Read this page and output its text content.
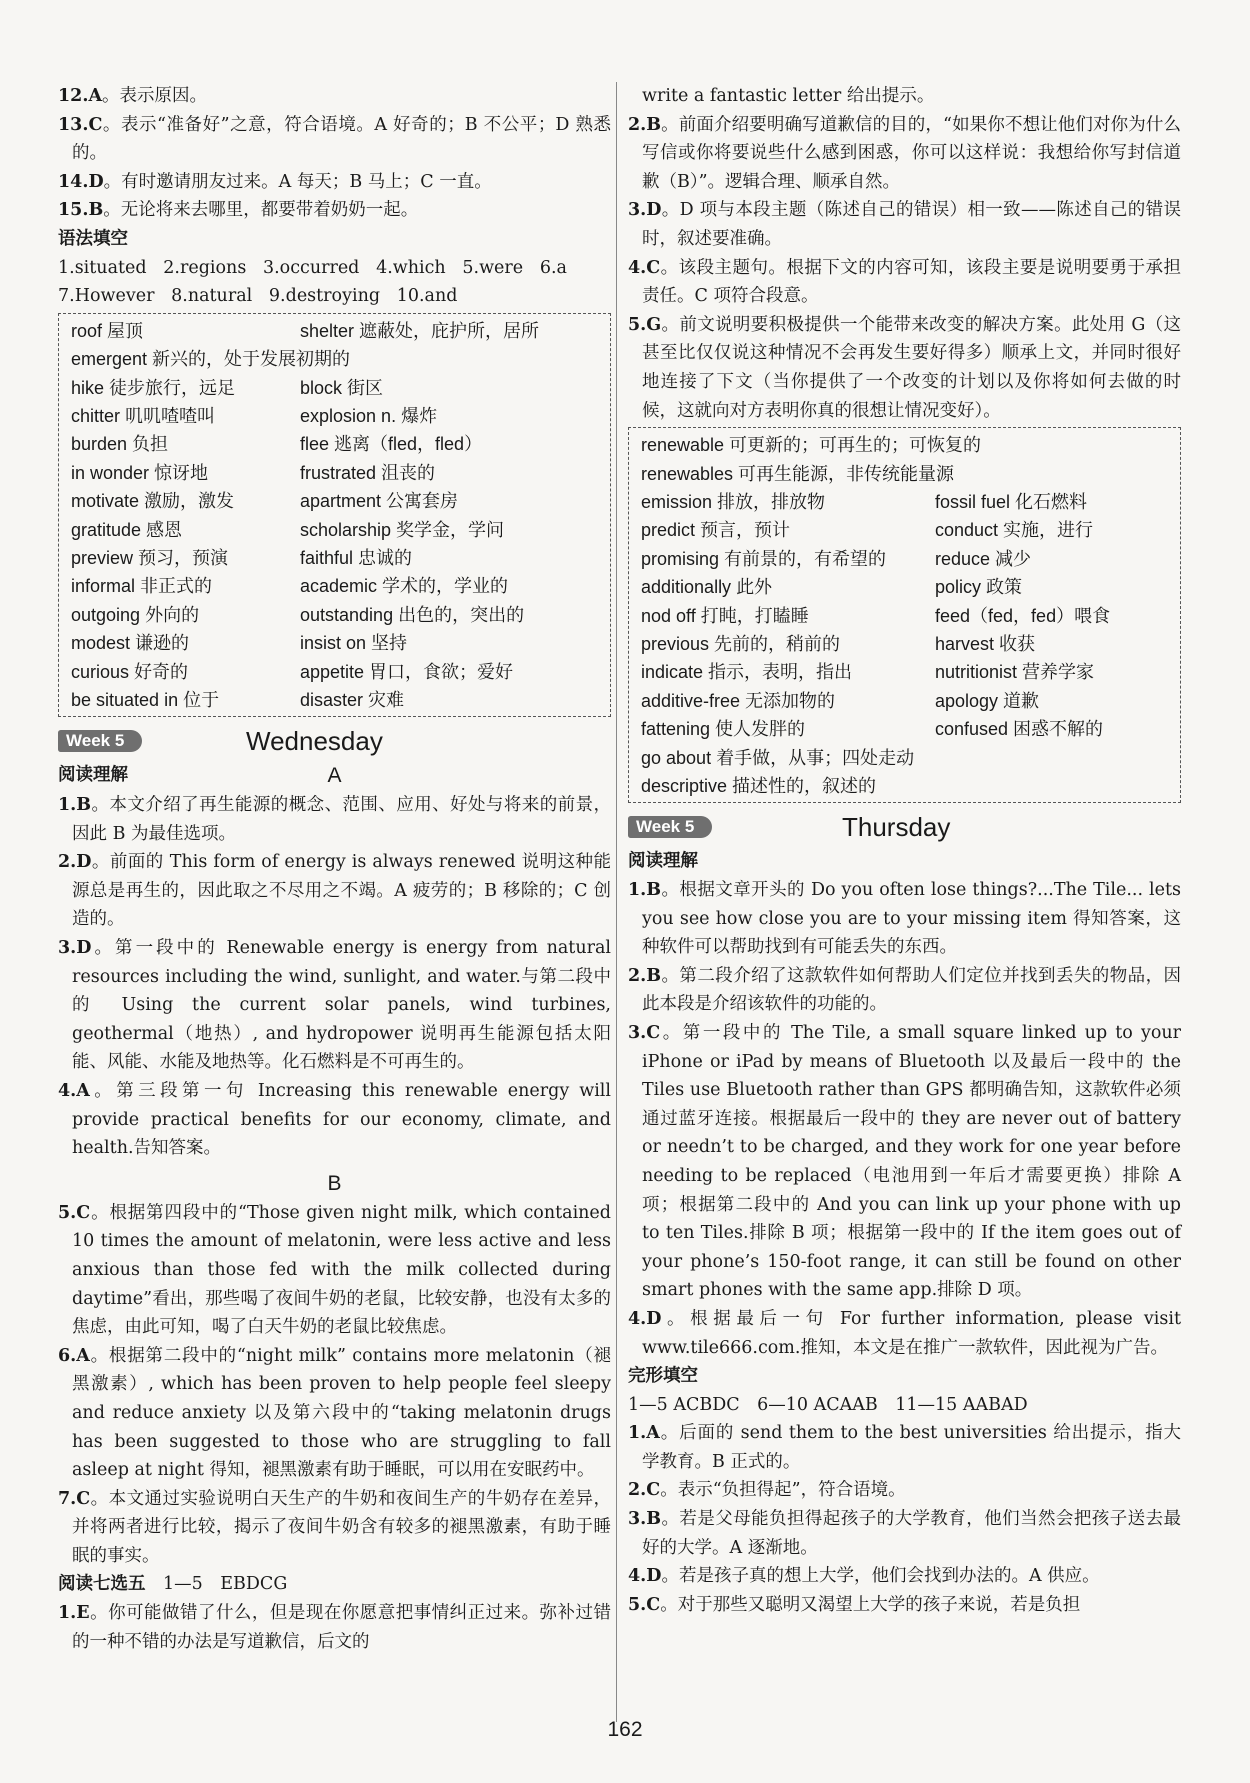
12.A。表示原因。

13.C。表示“准备好”之意，符合语境。A 好奇的；B 不公平；D 熟悉的。

14.D。有时邀请朋友过来。A 每天；B 马上；C 一直。

15.B。无论将来去哪里，都要带着奶奶一起。

语法填空

1.situated   2.regions   3.occurred   4.which   5.were   6.a

7.However   8.natural   9.destroying   10.and

roof 屋顶	shelter 遮蔽处，庇护所，居所
emergent 新兴的，处于发展初期的
hike 徒步旅行，远足	block 街区
chitter 叽叽喳喳叫	explosion n. 爆炸
burden 负担	flee 逃离（fled，fled）
in wonder 惊讶地	frustrated 沮丧的
motivate 激励，激发	apartment 公寓套房
gratitude 感恩	scholarship 奖学金，学问
preview 预习，预演	faithful 忠诚的
informal 非正式的	academic 学术的，学业的
outgoing 外向的	outstanding 出色的，突出的
modest 谦逊的	insist on 坚持
curious 好奇的	appetite 胃口，食欲；爱好
be situated in 位于	disaster 灾难
Week 5	Wednesday

阅读理解	A

1.B。本文介绍了再生能源的概念、范围、应用、好处与将来的前景，因此 B 为最佳选项。

2.D。前面的 This form of energy is always renewed 说明这种能源总是再生的，因此取之不尽用之不竭。A 疲劳的；B 移除的；C 创造的。

3.D。第一段中的 Renewable energy is energy from natural resources including the wind, sunlight, and water.与第二段中的 Using the current solar panels, wind turbines, geothermal（地热）, and hydropower 说明再生能源包括太阳能、风能、水能及地热等。化石燃料是不可再生的。

4.A。第三段第一句 Increasing this renewable energy will provide practical benefits for our economy, climate, and health.告知答案。

B

5.C。根据第四段中的“Those given night milk, which contained 10 times the amount of melatonin, were less active and less anxious than those fed with the milk collected during daytime”看出，那些喝了夜间牛奶的老鼠，比较安静，也没有太多的焦虑，由此可知，喝了白天牛奶的老鼠比较焦虑。

6.A。根据第二段中的“night milk” contains more melatonin（褪黑激素）, which has been proven to help people feel sleepy and reduce anxiety 以及第六段中的“taking melatonin drugs has been suggested to those who are struggling to fall asleep at night 得知，褪黑激素有助于睡眠，可以用在安眠药中。

7.C。本文通过实验说明白天生产的牛奶和夜间生产的牛奶存在差异，并将两者进行比较，揭示了夜间牛奶含有较多的褪黑激素，有助于睡眠的事实。

阅读七选五　 1—5　EBDCG

1.E。你可能做错了什么，但是现在你愿意把事情纠正过来。弥补过错的一种不错的办法是写道歉信，后文的

write a fantastic letter 给出提示。

2.B。前面介绍要明确写道歉信的目的，“如果你不想让他们对你为什么写信或你将要说些什么感到困惑，你可以这样说：我想给你写封信道歉（B）”。逻辑合理、顺承自然。

3.D。D 项与本段主题（陈述自己的错误）相一致——陈述自己的错误时，叙述要准确。

4.C。该段主题句。根据下文的内容可知，该段主要是说明要勇于承担责任。C 项符合段意。

5.G。前文说明要积极提供一个能带来改变的解决方案。此处用 G（这甚至比仅仅说这种情况不会再发生要好得多）顺承上文，并同时很好地连接了下文（当你提供了一个改变的计划以及你将如何去做的时候，这就向对方表明你真的很想让情况变好）。

renewable 可更新的；可再生的；可恢复的
renewables 可再生能源，非传统能量源
emission 排放，排放物	fossil fuel 化石燃料
predict 预言，预计	conduct 实施，进行
promising 有前景的，有希望的	reduce 减少
additionally 此外	policy 政策
nod off 打盹，打瞌睡	feed（fed，fed）喂食
previous 先前的，稍前的	harvest 收获
indicate 指示，表明，指出	nutritionist 营养学家
additive-free 无添加物的	apology 道歉
fattening 使人发胖的	confused 困惑不解的
go about 着手做，从事；四处走动
descriptive 描述性的，叙述的
Week 5	Thursday

阅读理解

1.B。根据文章开头的 Do you often lose things?...The Tile... lets you see how close you are to your missing item 得知答案，这种软件可以帮助找到有可能丢失的东西。

2.B。第二段介绍了这款软件如何帮助人们定位并找到丢失的物品，因此本段是介绍该软件的功能的。

3.C。第一段中的 The Tile, a small square linked up to your iPhone or iPad by means of Bluetooth 以及最后一段中的 the Tiles use Bluetooth rather than GPS 都明确告知，这款软件必须通过蓝牙连接。根据最后一段中的 they are never out of battery or needn’t to be charged, and they work for one year before needing to be replaced（电池用到一年后才需要更换）排除 A 项；根据第二段中的 And you can link up your phone with up to ten Tiles.排除 B 项；根据第一段中的 If the item goes out of your phone’s 150-foot range, it can still be found on other smart phones with the same app.排除 D 项。

4.D。根据最后一句 For further information, please visit www.tile666.com.推知，本文是在推广一款软件，因此视为广告。

完形填空

1—5 ACBDC　6—10 ACAAB　11—15 AABAD

1.A。后面的 send them to the best universities 给出提示，指大学教育。B 正式的。

2.C。表示“负担得起”，符合语境。

3.B。若是父母能负担得起孩子的大学教育，他们当然会把孩子送去最好的大学。A 逐渐地。

4.D。若是孩子真的想上大学，他们会找到办法的。A 供应。

5.C。对于那些又聪明又渴望上大学的孩子来说，若是负担

162
